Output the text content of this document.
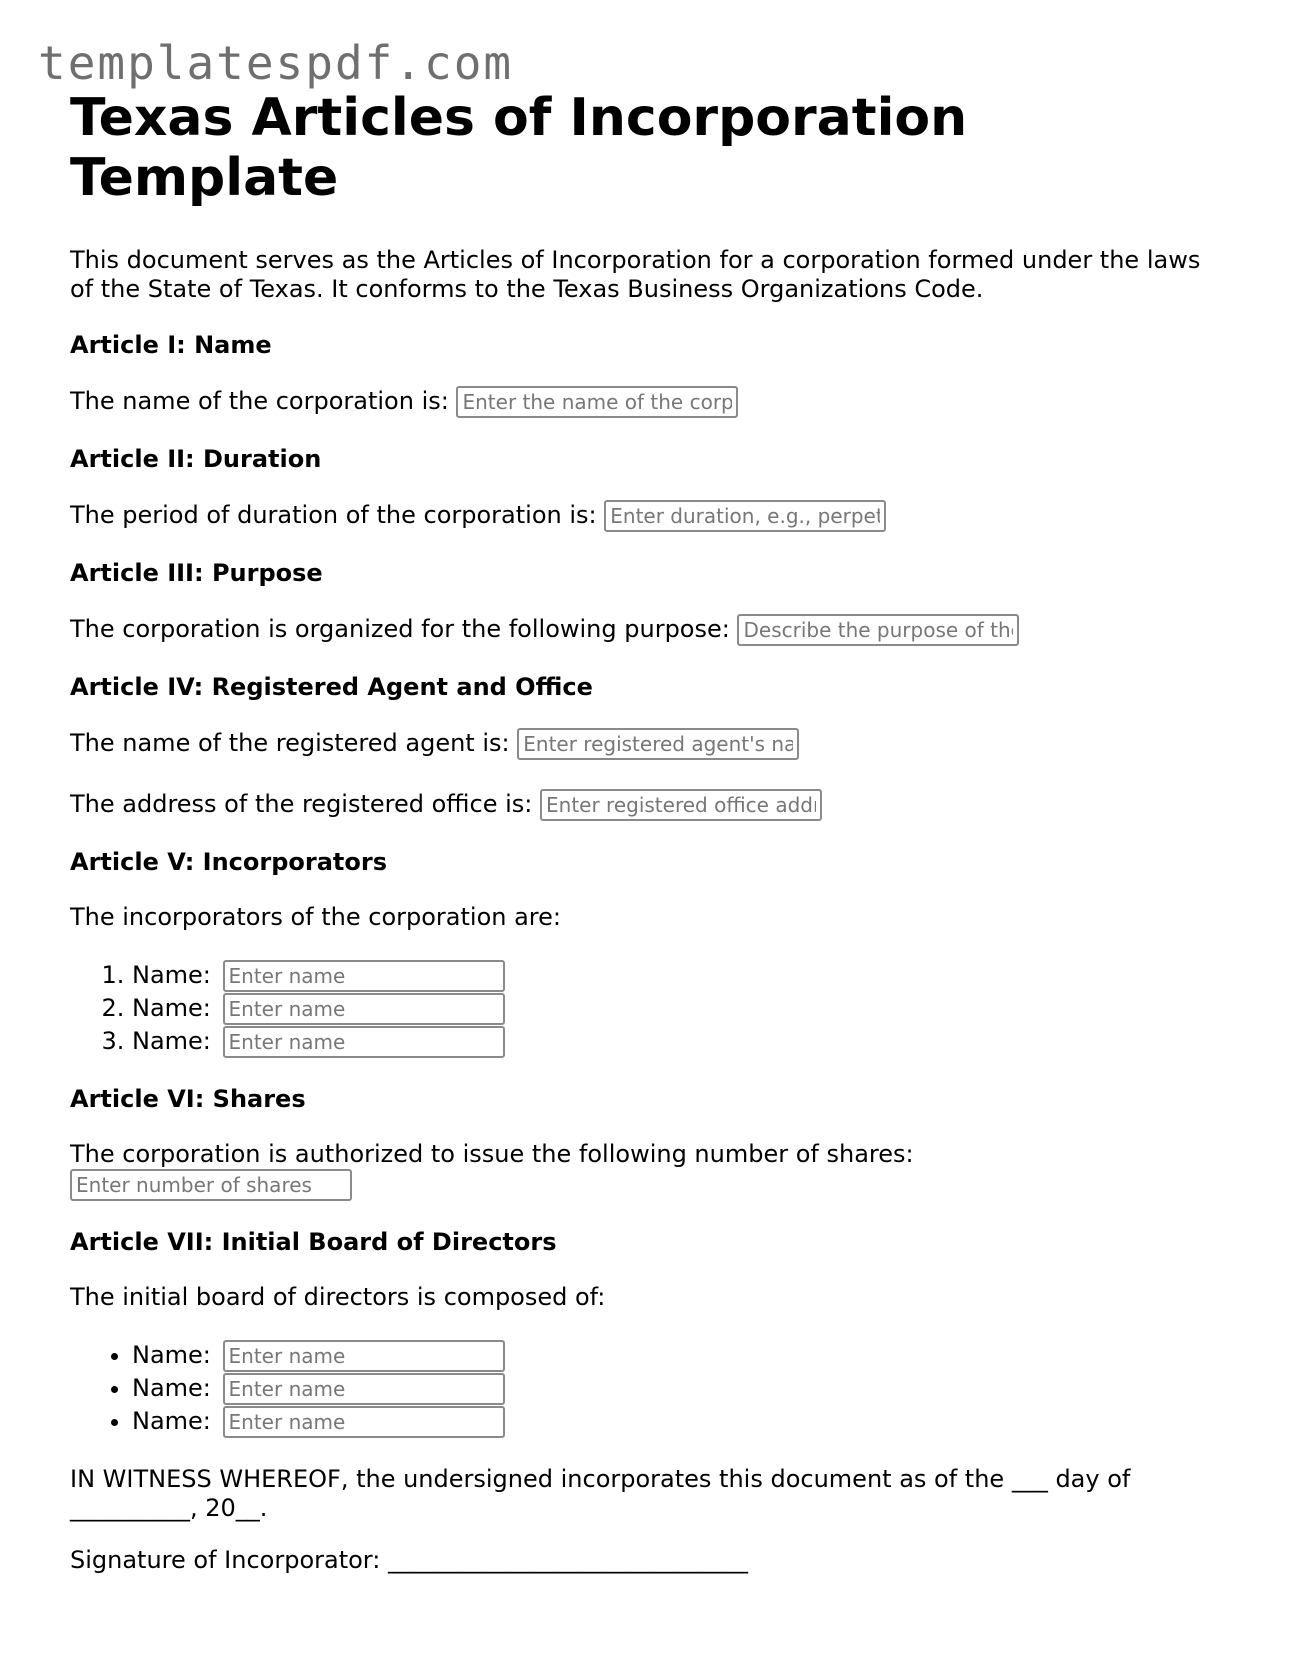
templatespdf.com
Texas Articles of Incorporation Template

This document serves as the Articles of Incorporation for a corporation formed under the laws of the State of Texas. It conforms to the Texas Business Organizations Code.

Article I: Name

The name of the corporation is: Enter the name of the corporation

Article II: Duration

The period of duration of the corporation is: Enter duration, e.g., perpetual

Article III: Purpose

The corporation is organized for the following purpose: Describe the purpose of the corporation

Article IV: Registered Agent and Office

The name of the registered agent is: Enter registered agent's name

The address of the registered office is: Enter registered office address

Article V: Incorporators

The incorporators of the corporation are:

1. Name: Enter name
2. Name: Enter name
3. Name: Enter name
Article VI: Shares

The corporation is authorized to issue the following number of shares:
Enter number of shares

Article VII: Initial Board of Directors

The initial board of directors is composed of:

• Name: Enter name
• Name: Enter name
• Name: Enter name

IN WITNESS WHEREOF, the undersigned incorporates this document as of the ___ day of __________, 20__.

Signature of Incorporator: ______________________________
